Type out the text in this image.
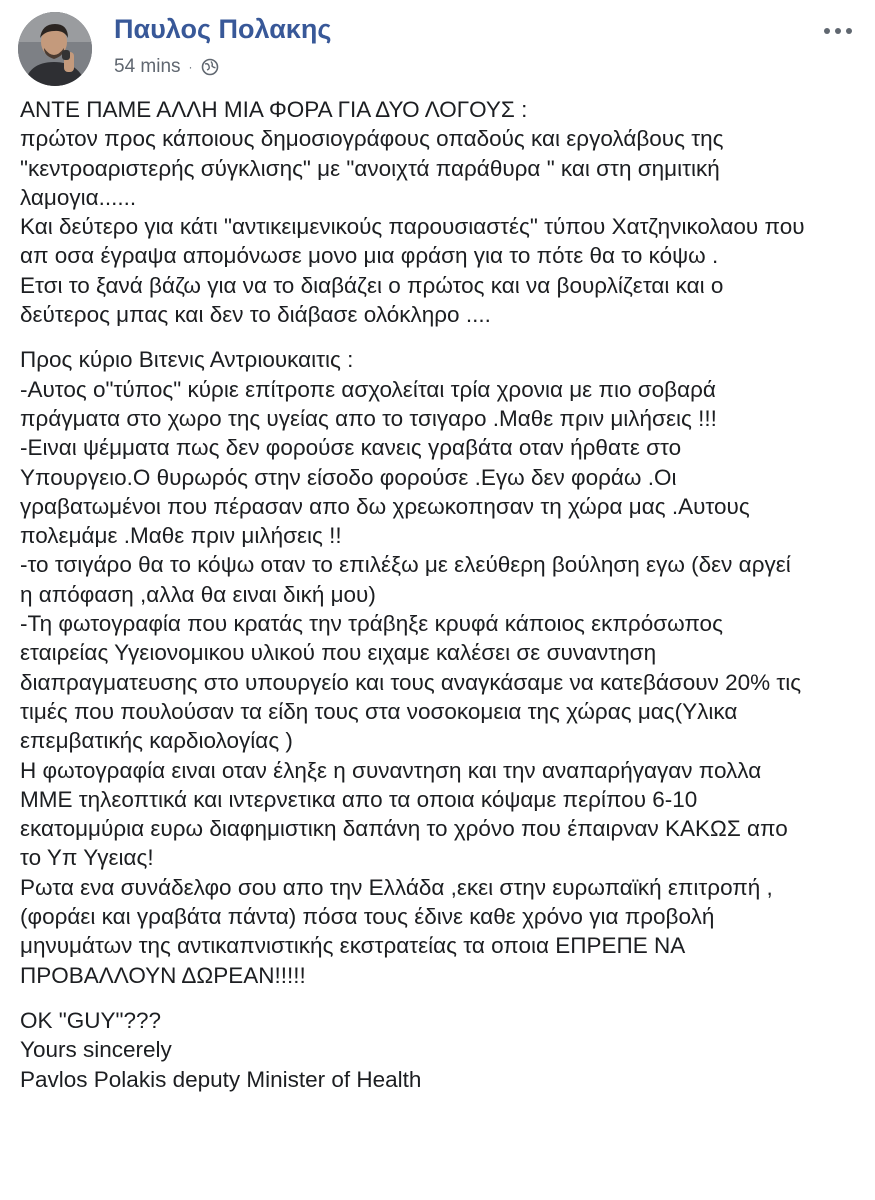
Παυλος Πολακης
54 mins ·
ΑΝΤΕ ΠΑΜΕ ΑΛΛΗ ΜΙΑ ΦΟΡΑ ΓΙΑ ΔΥΟ ΛΟΓΟΥΣ :
πρώτον προς κάποιους δημοσιογράφους οπαδούς και εργολάβους της
"κεντροαριστερής σύγκλισης" με "ανοιχτά παράθυρα " και στη σημιτική
λαμογια......
Και δεύτερο για κάτι "αντικειμενικούς παρουσιαστές" τύπου Χατζηνικολαου που
απ οσα έγραψα απομόνωσε μονο μια φράση για το πότε θα το κόψω .
Ετσι το ξανά βάζω για να το διαβάζει ο πρώτος και να βουρλίζεται και ο
δεύτερος μπας και δεν το διάβασε ολόκληρο ....
Προς κύριο Βιτενις Αντριουκαιτις :
-Αυτος ο"τύπος" κύριε επίτροπε ασχολείται τρία χρονια με πιο σοβαρά
πράγματα στο χωρο της υγείας απο το τσιγαρο .Μαθε πριν μιλήσεις !!!
-Ειναι ψέμματα πως δεν φορούσε κανεις γραβάτα οταν ήρθατε στο
Υπουργειο.Ο θυρωρός στην είσοδο φορούσε .Εγω δεν φοράω .Οι
γραβατωμένοι που πέρασαν απο δω χρεωκοπησαν τη χώρα μας .Αυτους
πολεμάμε .Μαθε πριν μιλήσεις !!
-το τσιγάρο θα το κόψω οταν το επιλέξω με ελεύθερη βούληση εγω (δεν αργεί
η απόφαση ,αλλα θα ειναι δική μου)
-Τη φωτογραφία που κρατάς την τράβηξε κρυφά κάποιος εκπρόσωπος
εταιρείας Υγειονομικου υλικού που ειχαμε καλέσει σε συναντηση
διαπραγματευσης στο υπουργείο και τους αναγκάσαμε να κατεβάσουν 20% τις
τιμές που πουλούσαν τα είδη τους στα νοσοκομεια της χώρας μας(Υλικα
επεμβατικής καρδιολογίας )
Η φωτογραφία ειναι οταν έληξε η συναντηση και την αναπαρήγαγαν πολλα
ΜΜΕ τηλεοπτικά και ιντερνετικα απο τα οποια κόψαμε περίπου 6-10
εκατομμύρια ευρω διαφημιστικη δαπάνη το χρόνο που έπαιρναν ΚΑΚΩΣ απο
το Υπ Υγειας!
Ρωτα ενα συνάδελφο σου απο την Ελλάδα ,εκει στην ευρωπαϊκή επιτροπή ,
(φοράει και γραβάτα πάντα) πόσα τους έδινε καθε χρόνο για προβολή
μηνυμάτων της αντικαπνιστικής εκστρατείας τα οποια ΕΠΡΕΠΕ ΝΑ
ΠΡΟΒΑΛΛΟΥΝ ΔΩΡΕΑΝ!!!!!
OK "GUY"???
Yours sincerely
Pavlos Polakis deputy Minister of Health
